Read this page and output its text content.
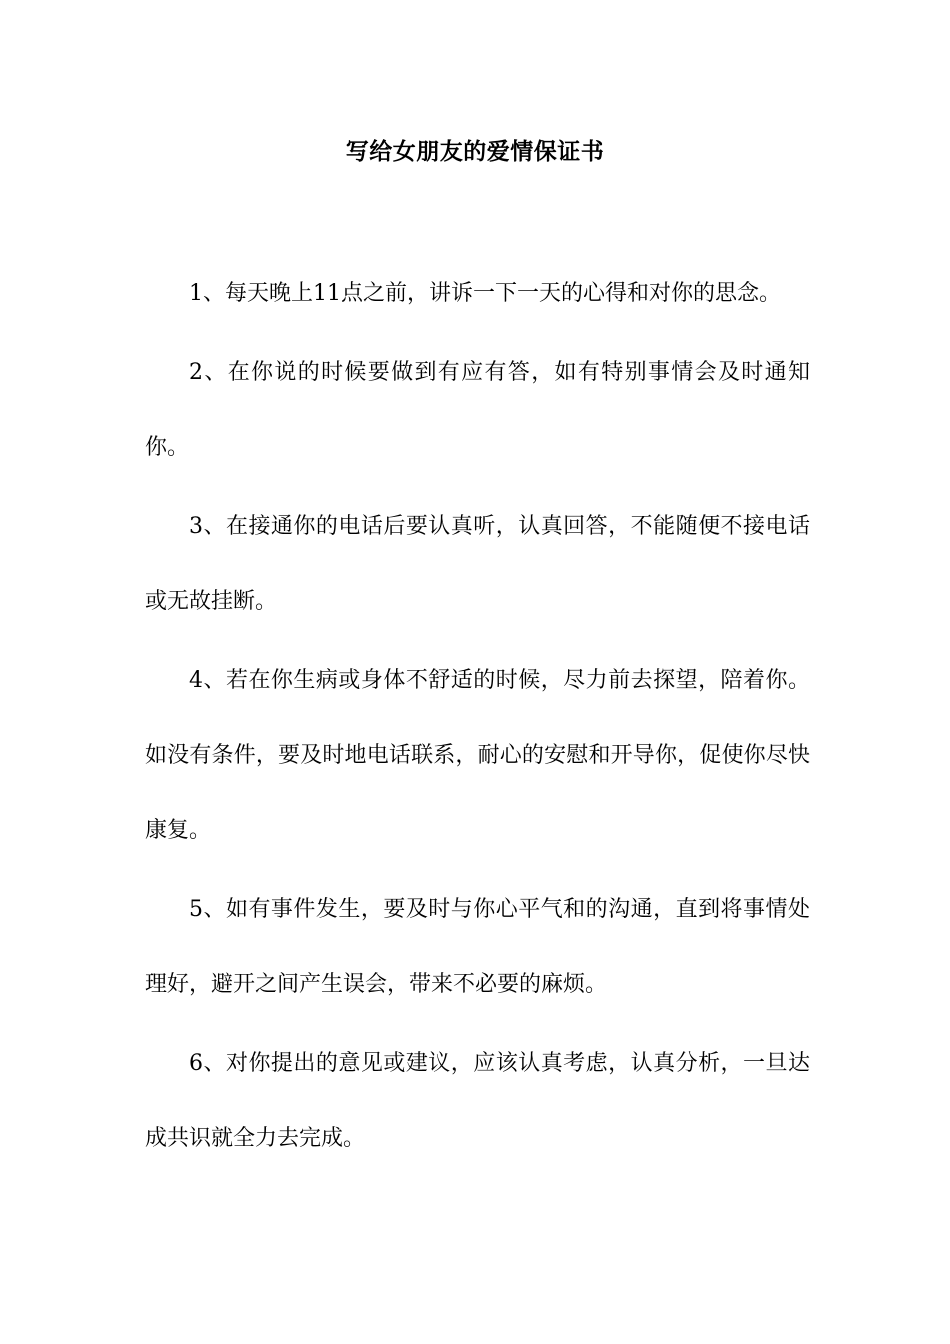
写给女朋友的爱情保证书

1、每天晚上11点之前，讲诉一下一天的心得和对你的思念。

2、在你说的时候要做到有应有答，如有特别事情会及时通知你。

3、在接通你的电话后要认真听，认真回答，不能随便不接电话或无故挂断。

4、若在你生病或身体不舒适的时候，尽力前去探望，陪着你。如没有条件，要及时地电话联系，耐心的安慰和开导你，促使你尽快康复。

5、如有事件发生，要及时与你心平气和的沟通，直到将事情处理好，避开之间产生误会，带来不必要的麻烦。

6、对你提出的意见或建议，应该认真考虑，认真分析，一旦达成共识就全力去完成。
